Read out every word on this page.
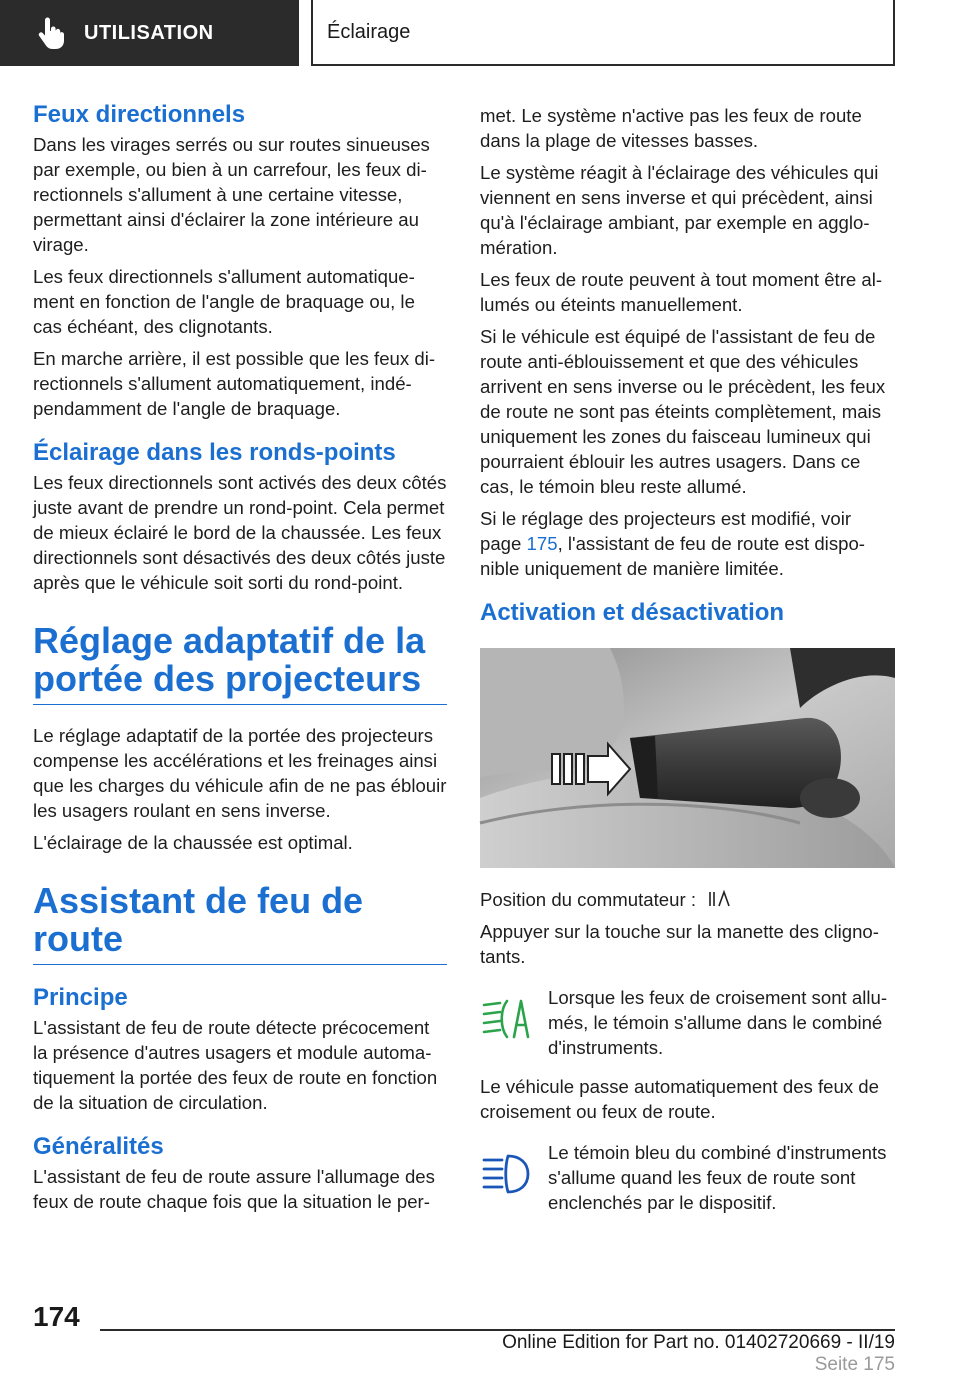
UTILISATION	Éclairage
Feux directionnels

Dans les virages serrés ou sur routes sinueuses par exemple, ou bien à un carrefour, les feux directionnels s'allument à une certaine vitesse, permettant ainsi d'éclairer la zone intérieure au virage.

Les feux directionnels s'allument automatiquement en fonction de l'angle de braquage ou, le cas échéant, des clignotants.

En marche arrière, il est possible que les feux directionnels s'allument automatiquement, indépendamment de l'angle de braquage.

Éclairage dans les ronds-points

Les feux directionnels sont activés des deux côtés juste avant de prendre un rond-point. Cela permet de mieux éclairé le bord de la chaussée. Les feux directionnels sont désactivés des deux côtés juste après que le véhicule soit sorti du rond-point.

Réglage adaptatif de la portée des projecteurs

Le réglage adaptatif de la portée des projecteurs compense les accélérations et les freinages ainsi que les charges du véhicule afin de ne pas éblouir les usagers roulant en sens inverse.

L'éclairage de la chaussée est optimal.

Assistant de feu de route
Principe

L'assistant de feu de route détecte précocement la présence d'autres usagers et module automatiquement la portée des feux de route en fonction de la situation de circulation.

Généralités

L'assistant de feu de route assure l'allumage des feux de route chaque fois que la situation le per-

met. Le système n'active pas les feux de route dans la plage de vitesses basses.

Le système réagit à l'éclairage des véhicules qui viennent en sens inverse et qui précèdent, ainsi qu'à l'éclairage ambiant, par exemple en agglomération.

Les feux de route peuvent à tout moment être allumés ou éteints manuellement.

Si le véhicule est équipé de l'assistant de feu de route anti-éblouissement et que des véhicules arrivent en sens inverse ou le précèdent, les feux de route ne sont pas éteints complètement, mais uniquement les zones du faisceau lumineux qui pourraient éblouir les autres usagers. Dans ce cas, le témoin bleu reste allumé.

Si le réglage des projecteurs est modifié, voir page 175, l'assistant de feu de route est disponible uniquement de manière limitée.

Activation et désactivation

Position du commutateur :

Appuyer sur la touche sur la manette des clignotants.

Lorsque les feux de croisement sont allumés, le témoin s'allume dans le combiné d'instruments.

Le véhicule passe automatiquement des feux de croisement ou feux de route.

Le témoin bleu du combiné d'instruments s'allume quand les feux de route sont enclenchés par le dispositif.

174
Online Edition for Part no. 01402720669 - II/19 Seite 175
